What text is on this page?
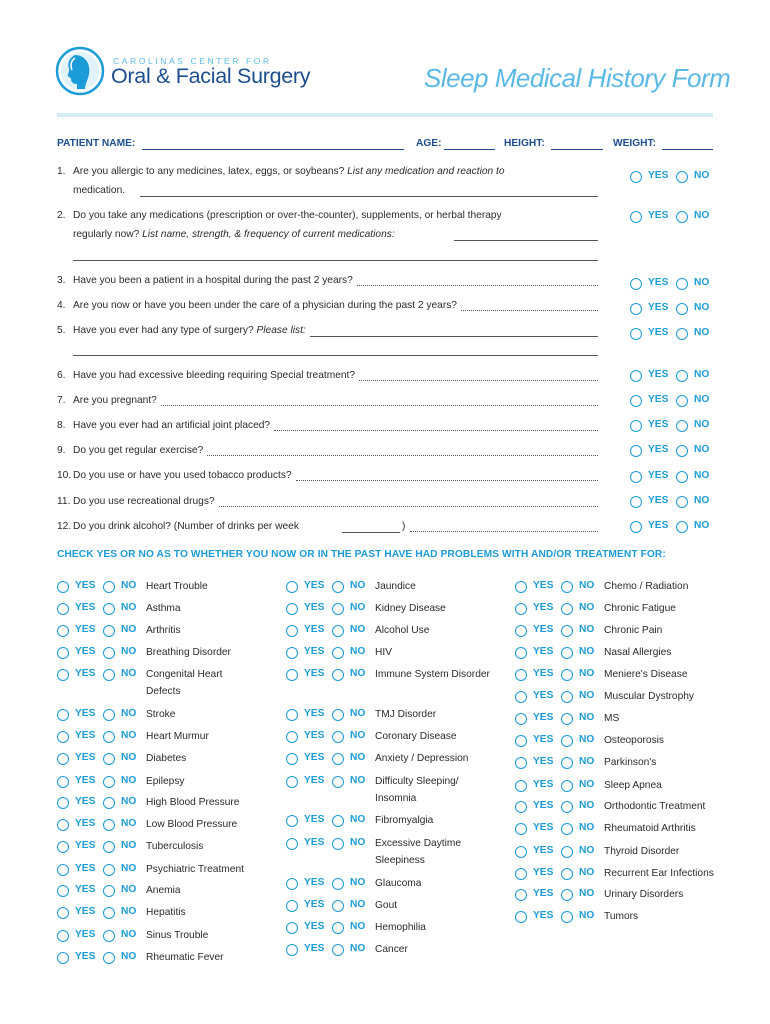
CAROLINAS CENTER FOR
Oral & Facial Surgery	Sleep Medical History Form
PATIENT NAME:	AGE:	HEIGHT:	WEIGHT:
1. Are you allergic to any medicines, latex, eggs, or soybeans? List any medication and reaction to
medication.
YES	NO
2. Do you take any medications (prescription or over-the-counter), supplements, or herbal therapy
regularly now? List name, strength, & frequency of current medications:
YES	NO
3. Have you been a patient in a hospital during the past 2 years?	YES	NO
4. Are you now or have you been under the care of a physician during the past 2 years?	YES	NO
5. Have you ever had any type of surgery? Please list:	YES	NO
6. Have you had excessive bleeding requiring Special treatment?	YES	NO
7. Are you pregnant?	YES	NO
8. Have you ever had an artificial joint placed?	YES	NO
9. Do you get regular exercise?	YES	NO
10. Do you use or have you used tobacco products?	YES	NO
11. Do you use recreational drugs?	YES	NO
12. Do you drink alcohol? (Number of drinks per week	)	YES	NO
CHECK YES OR NO AS TO WHETHER YOU NOW OR IN THE PAST HAVE HAD PROBLEMS WITH AND/OR TREATMENT FOR:
YES	NO Heart Trouble
YES	NO Asthma
YES	NO Arthritis
YES	NO Breathing Disorder
YES	NO Congenital Heart Defects
YES	NO Stroke
YES	NO Heart Murmur
YES	NO Diabetes
YES	NO Epilepsy
YES	NO High Blood Pressure
YES	NO Low Blood Pressure
YES	NO Tuberculosis
YES	NO Psychiatric Treatment
YES	NO Anemia
YES	NO Hepatitis
YES	NO Sinus Trouble
YES	NO Rheumatic Fever
YES	NO Jaundice
YES	NO Kidney Disease
YES	NO Alcohol Use
YES	NO HIV
YES	NO Immune System Disorder
YES	NO TMJ Disorder
YES	NO Coronary Disease
YES	NO Anxiety / Depression
YES	NO Difficulty Sleeping/ Insomnia
YES	NO Fibromyalgia
YES	NO Excessive Daytime Sleepiness
YES	NO Glaucoma
YES	NO Gout
YES	NO Hemophilia
YES	NO Cancer
YES	NO Chemo / Radiation
YES	NO Chronic Fatigue
YES	NO Chronic Pain
YES	NO Nasal Allergies
YES	NO Meniere's Disease
YES	NO Muscular Dystrophy
YES	NO MS
YES	NO Osteoporosis
YES	NO Parkinson's
YES	NO Sleep Apnea
YES	NO Orthodontic Treatment
YES	NO Rheumatoid Arthritis
YES	NO Thyroid Disorder
YES	NO Recurrent Ear Infections
YES	NO Urinary Disorders
YES	NO Tumors
